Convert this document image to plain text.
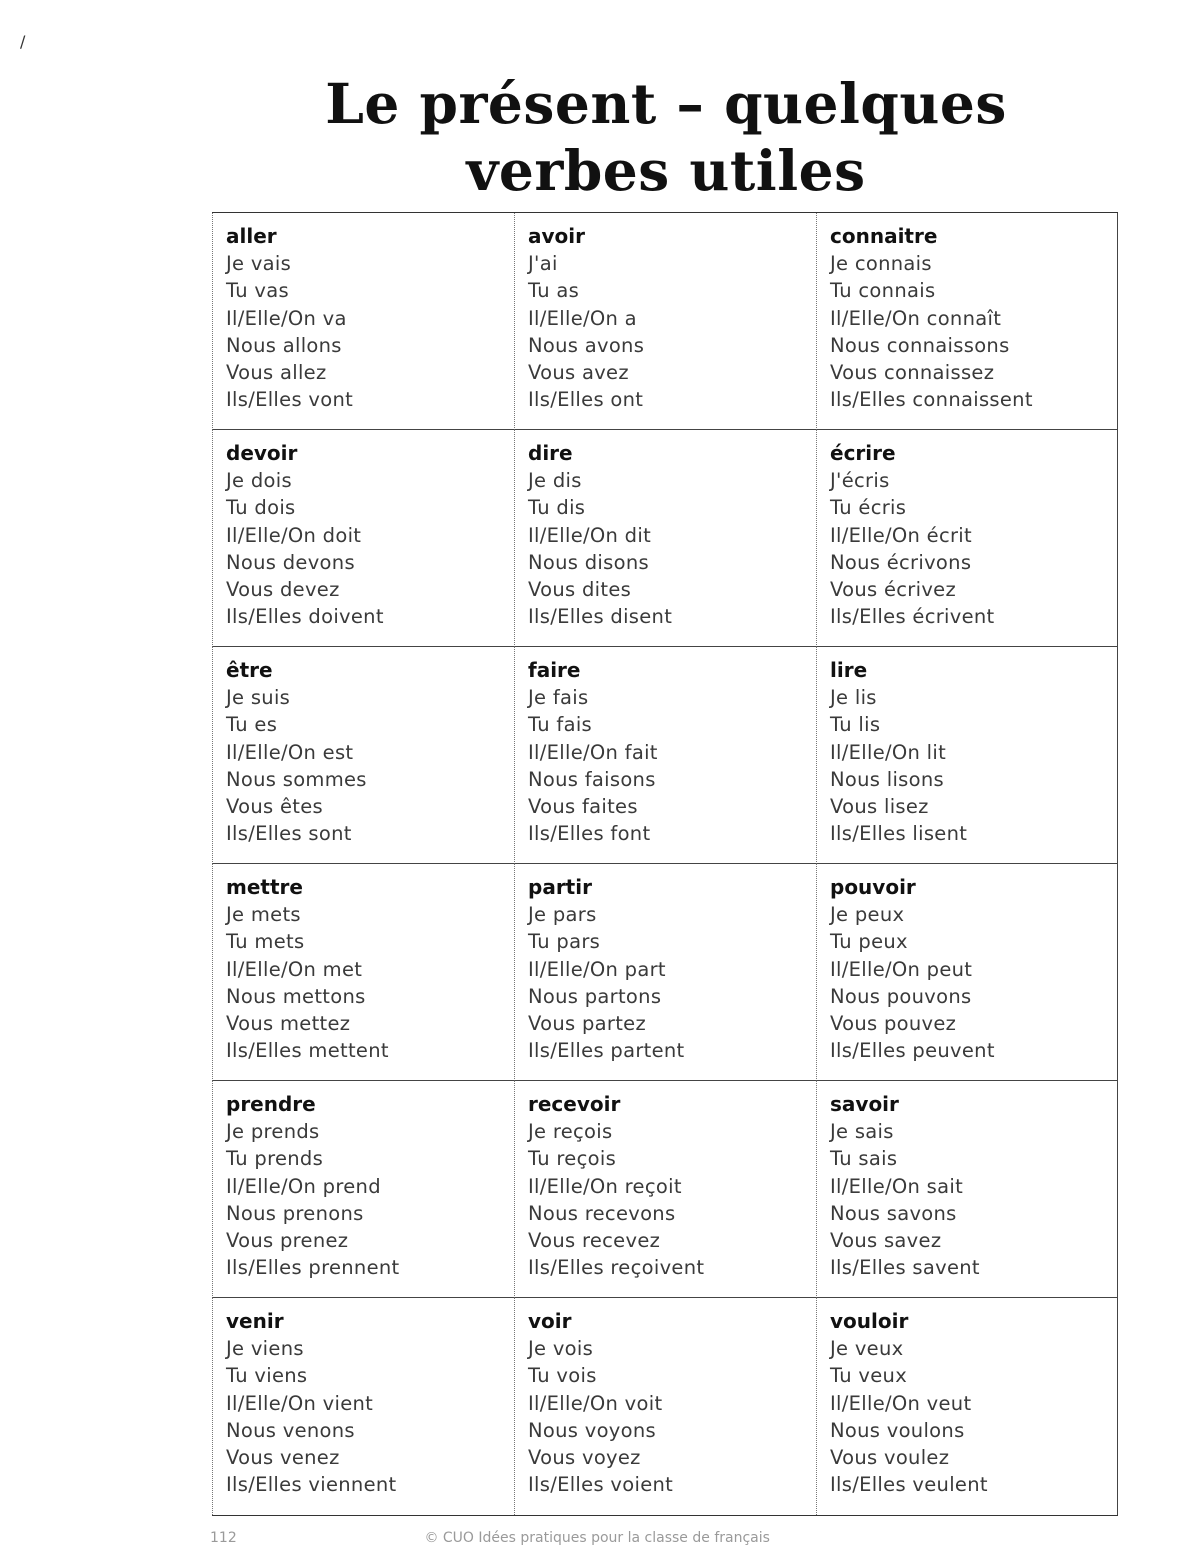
Le présent – quelques
verbes utiles
aller
Je vais
Tu vas
Il/Elle/On va
Nous allons
Vous allez
Ils/Elles vont
avoir
J'ai
Tu as
Il/Elle/On a
Nous avons
Vous avez
Ils/Elles ont
connaitre
Je connais
Tu connais
Il/Elle/On connaît
Nous connaissons
Vous connaissez
Ils/Elles connaissent
devoir
Je dois
Tu dois
Il/Elle/On doit
Nous devons
Vous devez
Ils/Elles doivent
dire
Je dis
Tu dis
Il/Elle/On dit
Nous disons
Vous dites
Ils/Elles disent
écrire
J'écris
Tu écris
Il/Elle/On écrit
Nous écrivons
Vous écrivez
Ils/Elles écrivent
être
Je suis
Tu es
Il/Elle/On est
Nous sommes
Vous êtes
Ils/Elles sont
faire
Je fais
Tu fais
Il/Elle/On fait
Nous faisons
Vous faites
Ils/Elles font
lire
Je lis
Tu lis
Il/Elle/On lit
Nous lisons
Vous lisez
Ils/Elles lisent
mettre
Je mets
Tu mets
Il/Elle/On met
Nous mettons
Vous mettez
Ils/Elles mettent
partir
Je pars
Tu pars
Il/Elle/On part
Nous partons
Vous partez
Ils/Elles partent
pouvoir
Je peux
Tu peux
Il/Elle/On peut
Nous pouvons
Vous pouvez
Ils/Elles peuvent
prendre
Je prends
Tu prends
Il/Elle/On prend
Nous prenons
Vous prenez
Ils/Elles prennent
recevoir
Je reçois
Tu reçois
Il/Elle/On reçoit
Nous recevons
Vous recevez
Ils/Elles reçoivent
savoir
Je sais
Tu sais
Il/Elle/On sait
Nous savons
Vous savez
Ils/Elles savent
venir
Je viens
Tu viens
Il/Elle/On vient
Nous venons
Vous venez
Ils/Elles viennent
voir
Je vois
Tu vois
Il/Elle/On voit
Nous voyons
Vous voyez
Ils/Elles voient
vouloir
Je veux
Tu veux
Il/Elle/On veut
Nous voulons
Vous voulez
Ils/Elles veulent
112	© CUO Idées pratiques pour la classe de français
/
